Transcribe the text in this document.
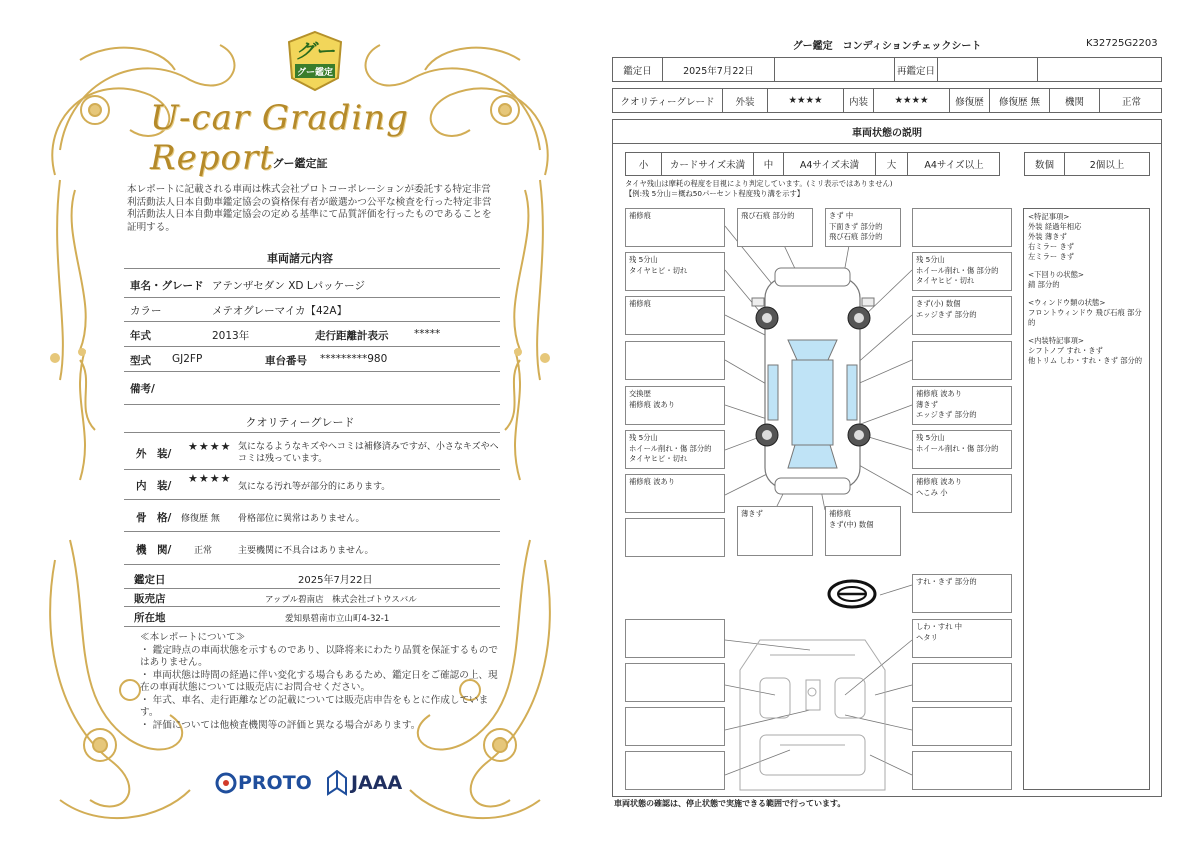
グー
グー鑑定
U-car Grading Report
グー鑑定証
本レポートに記載される車両は株式会社プロトコーポレーションが委託する特定非営利活動法人日本自動車鑑定協会の資格保有者が厳選かつ公平な検査を行った特定非営利活動法人日本自動車鑑定協会の定める基準にて品質評価を行ったものであることを証明する。
車両諸元内容
車名・グレード アテンザセダン XD Lパッケージ
カラー	メテオグレーマイカ【42A】
年式	2013年	走行距離計表示 *****
型式 GJ2FP	車台番号 *********980
備考/
クオリティーグレード
外　装/
★★★★ 気になるようなキズやヘコミは補修済みですが、小さなキズやヘコミは残っています。
内　装/
★★★★
気になる汚れ等が部分的にあります。
骨　格/ 修復歴 無 骨格部位に異常はありません。
機　関/	正常	主要機関に不具合はありません。
鑑定日	2025年7月22日
販売店	アップル碧南店　株式会社ゴトウスバル
所在地	愛知県碧南市立山町4-32-1
≪本レポートについて≫
・ 鑑定時点の車両状態を示すものであり、以降将来にわたり品質を保証するものではありません。
・ 車両状態は時間の経過に伴い変化する場合もあるため、鑑定日をご確認の上、現在の車両状態については販売店にお問合せください。
・ 年式、車名、走行距離などの記載については販売店申告をもとに作成しています。
・ 評価については他検査機関等の評価と異なる場合があります。
PROTO JAAA
グー鑑定　コンディションチェックシート	K32725G2203
鑑定日	2025年7月22日	再鑑定日
クオリティーグレード	外装	★★★★	内装	★★★★	修復歴	修復歴 無	機関	正常
車両状態の説明
小	カードサイズ未満	中	A4サイズ未満	大	A4サイズ以上	数個	2個以上
タイヤ残山は摩耗の程度を目視により判定しています。(ミリ表示ではありません)
【例:残 5分山＝概ね50パーセント程度残り溝を示す】
補修痕	飛び石痕 部分的	きず 中
下面きず 部分的
飛び石痕 部分的
残 5分山
タイヤヒビ・切れ
残 5分山
ホイール削れ・傷 部分的
タイヤヒビ・切れ
補修痕	きず(小) 数個
エッジきず 部分的
交換歴
補修痕 波あり
補修痕 波あり
薄きず
エッジきず 部分的
残 5分山
ホイール削れ・傷 部分的
タイヤヒビ・切れ
残 5分山
ホイール削れ・傷 部分的
補修痕 波あり	補修痕 波あり
へこみ 小
薄きず	補修痕
きず(中) 数個
すれ・きず 部分的
しわ・すれ 中
ヘタリ
<特記事項>
外装 経過年相応
外装 薄きず
右ミラー きず
左ミラー きず
<下回りの状態>
錆 部分的
<ウィンドウ類の状態>
フロントウィンドウ 飛び石痕 部分的
<内装特記事項>
シフトノブ すれ・きず
他トリム しわ・すれ・きず 部分的
車両状態の確認は、停止状態で実施できる範囲で行っています。
